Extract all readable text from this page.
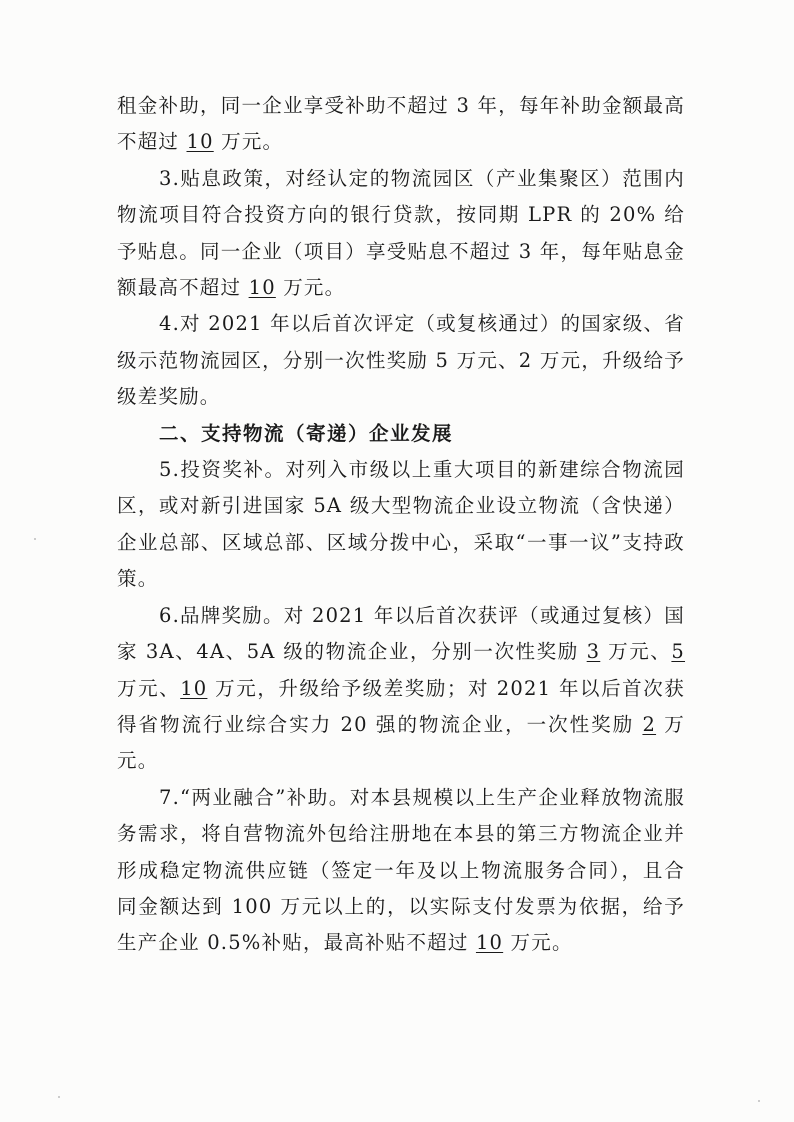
租金补助，同一企业享受补助不超过 3 年，每年补助金额最高不超过 10 万元。

3.贴息政策，对经认定的物流园区（产业集聚区）范围内物流项目符合投资方向的银行贷款，按同期 LPR 的 20% 给予贴息。同一企业（项目）享受贴息不超过 3 年，每年贴息金额最高不超过 10 万元。

4.对 2021 年以后首次评定（或复核通过）的国家级、省级示范物流园区，分别一次性奖励 5 万元、2 万元，升级给予级差奖励。

二、支持物流（寄递）企业发展

5.投资奖补。对列入市级以上重大项目的新建综合物流园区，或对新引进国家 5A 级大型物流企业设立物流（含快递）企业总部、区域总部、区域分拨中心，采取“一事一议”支持政策。

6.品牌奖励。对 2021 年以后首次获评（或通过复核）国家 3A、4A、5A 级的物流企业，分别一次性奖励 3 万元、5 万元、10 万元，升级给予级差奖励；对 2021 年以后首次获得省物流行业综合实力 20 强的物流企业，一次性奖励 2 万元。

7.“两业融合”补助。对本县规模以上生产企业释放物流服务需求，将自营物流外包给注册地在本县的第三方物流企业并形成稳定物流供应链（签定一年及以上物流服务合同），且合同金额达到 100 万元以上的，以实际支付发票为依据，给予生产企业 0.5%补贴，最高补贴不超过 10 万元。
